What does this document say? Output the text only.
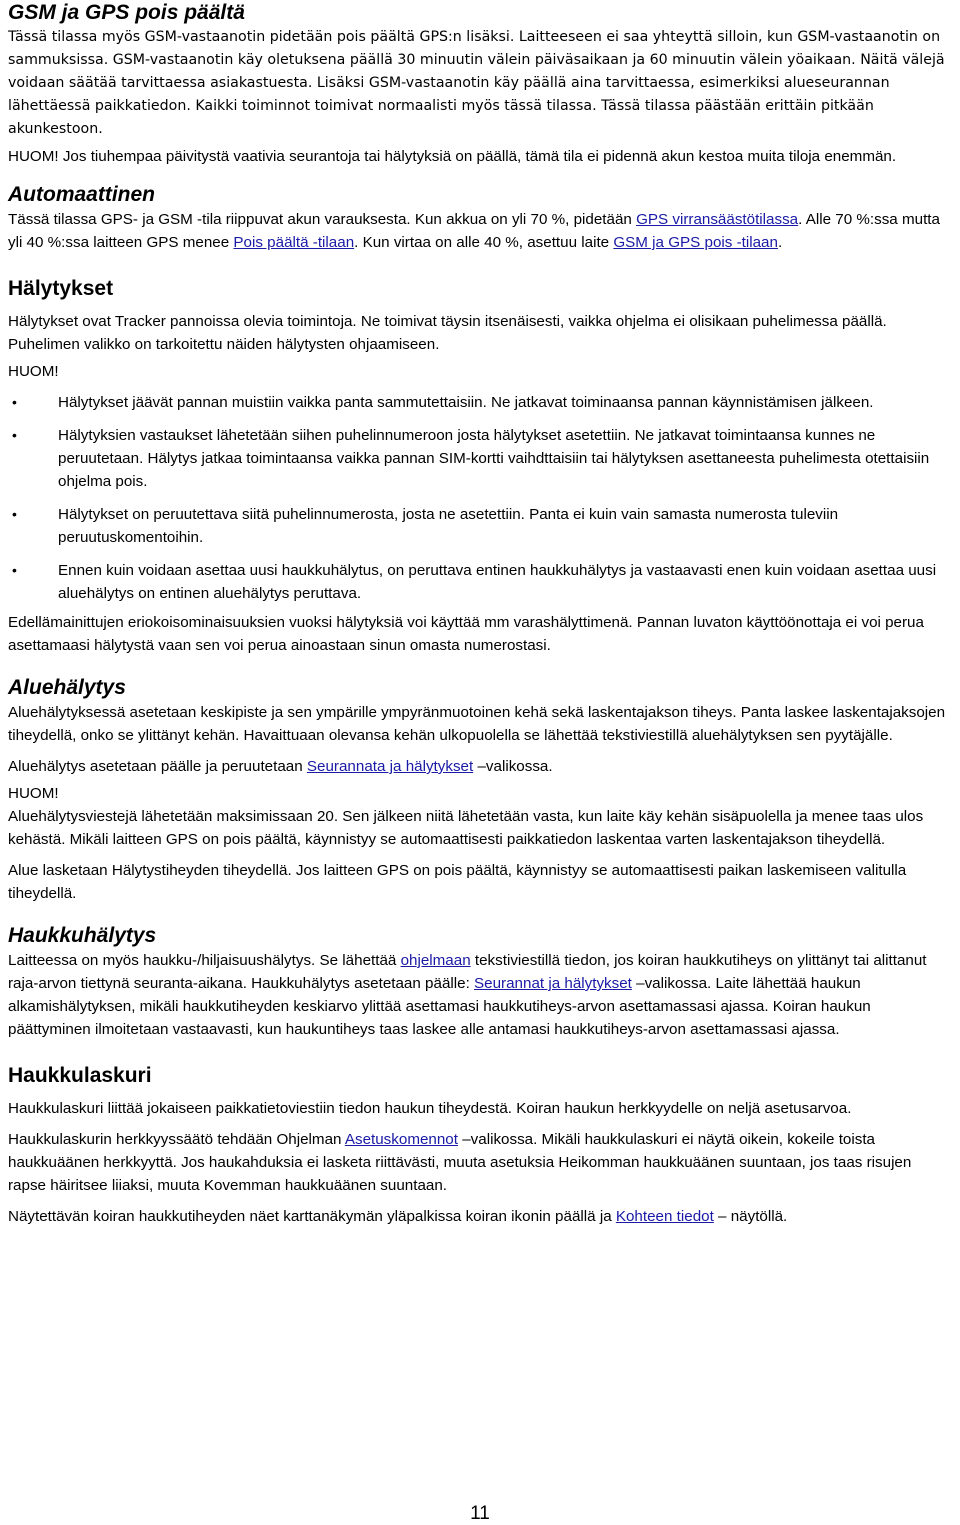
GSM ja GPS pois päältä

Tässä tilassa myös GSM-vastaanotin pidetään pois päältä GPS:n lisäksi. Laitteeseen ei saa yhteyttä silloin, kun GSM-vastaanotin on sammuksissa. GSM-vastaanotin käy oletuksena päällä 30 minuutin välein päiväsaikaan ja 60 minuutin välein yöaikaan. Näitä välejä voidaan säätää tarvittaessa asiakastuesta. Lisäksi GSM-vastaanotin käy päällä aina tarvittaessa, esimerkiksi alueseurannan lähettäessä paikkatiedon. Kaikki toiminnot toimivat normaalisti myös tässä tilassa. Tässä tilassa päästään erittäin pitkään akunkestoon.

HUOM! Jos tiuhempaa päivitystä vaativia seurantoja tai hälytyksiä on päällä, tämä tila ei pidennä akun kestoa muita tiloja enemmän.

Automaattinen

Tässä tilassa GPS- ja GSM -tila riippuvat akun varauksesta. Kun akkua on yli 70 %, pidetään GPS virransäästötilassa. Alle 70 %:ssa mutta yli 40 %:ssa laitteen GPS menee Pois päältä -tilaan. Kun virtaa on alle 40 %, asettuu laite GSM ja GPS pois -tilaan.

Hälytykset

Hälytykset ovat Tracker pannoissa olevia toimintoja. Ne toimivat täysin itsenäisesti, vaikka ohjelma ei olisikaan puhelimessa päällä. Puhelimen valikko on tarkoitettu näiden hälytysten ohjaamiseen.

HUOM!

•	Hälytykset jäävät pannan muistiin vaikka panta sammutettaisiin. Ne jatkavat toiminaansa pannan käynnistämisen jälkeen.
•	Hälytyksien vastaukset lähetetään siihen puhelinnumeroon josta hälytykset asetettiin. Ne jatkavat toimintaansa kunnes ne peruutetaan. Hälytys jatkaa toimintaansa vaikka pannan SIM-kortti vaihdttaisiin tai hälytyksen asettaneesta puhelimesta otettaisiin ohjelma pois.
•	Hälytykset on peruutettava siitä puhelinnumerosta, josta ne asetettiin. Panta ei kuin vain samasta numerosta tuleviin peruutuskomentoihin.
•	Ennen kuin voidaan asettaa uusi haukkuhälytus, on peruttava entinen haukkuhälytys ja vastaavasti enen kuin voidaan asettaa uusi aluehälytys on entinen aluehälytys peruttava.

Edellämainittujen eriokoisominaisuuksien vuoksi hälytyksiä voi käyttää mm varashälyttimenä. Pannan luvaton käyttöönottaja ei voi perua asettamaasi hälytystä vaan sen voi perua ainoastaan sinun omasta numerostasi.

Aluehälytys

Aluehälytyksessä asetetaan keskipiste ja sen ympärille ympyränmuotoinen kehä sekä laskentajakson tiheys. Panta laskee laskentajaksojen tiheydellä, onko se ylittänyt kehän. Havaittuaan olevansa kehän ulkopuolella se lähettää tekstiviestillä aluehälytyksen sen pyytäjälle.

Aluehälytys asetetaan päälle ja peruutetaan Seurannata ja hälytykset –valikossa.

HUOM!

Aluehälytysviestejä lähetetään maksimissaan 20. Sen jälkeen niitä lähetetään vasta, kun laite käy kehän sisäpuolella ja menee taas ulos kehästä. Mikäli laitteen GPS on pois päältä, käynnistyy se automaattisesti paikkatiedon laskentaa varten laskentajakson tiheydellä.

Alue lasketaan Hälytystiheyden tiheydellä. Jos laitteen GPS on pois päältä, käynnistyy se automaattisesti paikan laskemiseen valitulla tiheydellä.

Haukkuhälytys

Laitteessa on myös haukku-/hiljaisuushälytys. Se lähettää ohjelmaan tekstiviestillä tiedon, jos koiran haukkutiheys on ylittänyt tai alittanut raja-arvon tiettynä seuranta-aikana. Haukkuhälytys asetetaan päälle: Seurannat ja hälytykset –valikossa. Laite lähettää haukun alkamishälytyksen, mikäli haukkutiheyden keskiarvo ylittää asettamasi haukkutiheys-arvon asettamassasi ajassa. Koiran haukun päättyminen ilmoitetaan vastaavasti, kun haukuntiheys taas laskee alle antamasi haukkutiheys-arvon asettamassasi ajassa.

Haukkulaskuri

Haukkulaskuri liittää jokaiseen paikkatietoviestiin tiedon haukun tiheydestä. Koiran haukun herkkyydelle on neljä asetusarvoa.

Haukkulaskurin herkkyyssäätö tehdään Ohjelman Asetuskomennot –valikossa. Mikäli haukkulaskuri ei näytä oikein, kokeile toista haukkuäänen herkkyyttä. Jos haukahduksia ei lasketa riittävästi, muuta asetuksia Heikomman haukkuäänen suuntaan, jos taas risujen rapse häiritsee liiaksi, muuta Kovemman haukkuäänen suuntaan.

Näytettävän koiran haukkutiheyden näet karttanäkymän yläpalkissa koiran ikonin päällä ja Kohteen tiedot – näytöllä.

11
